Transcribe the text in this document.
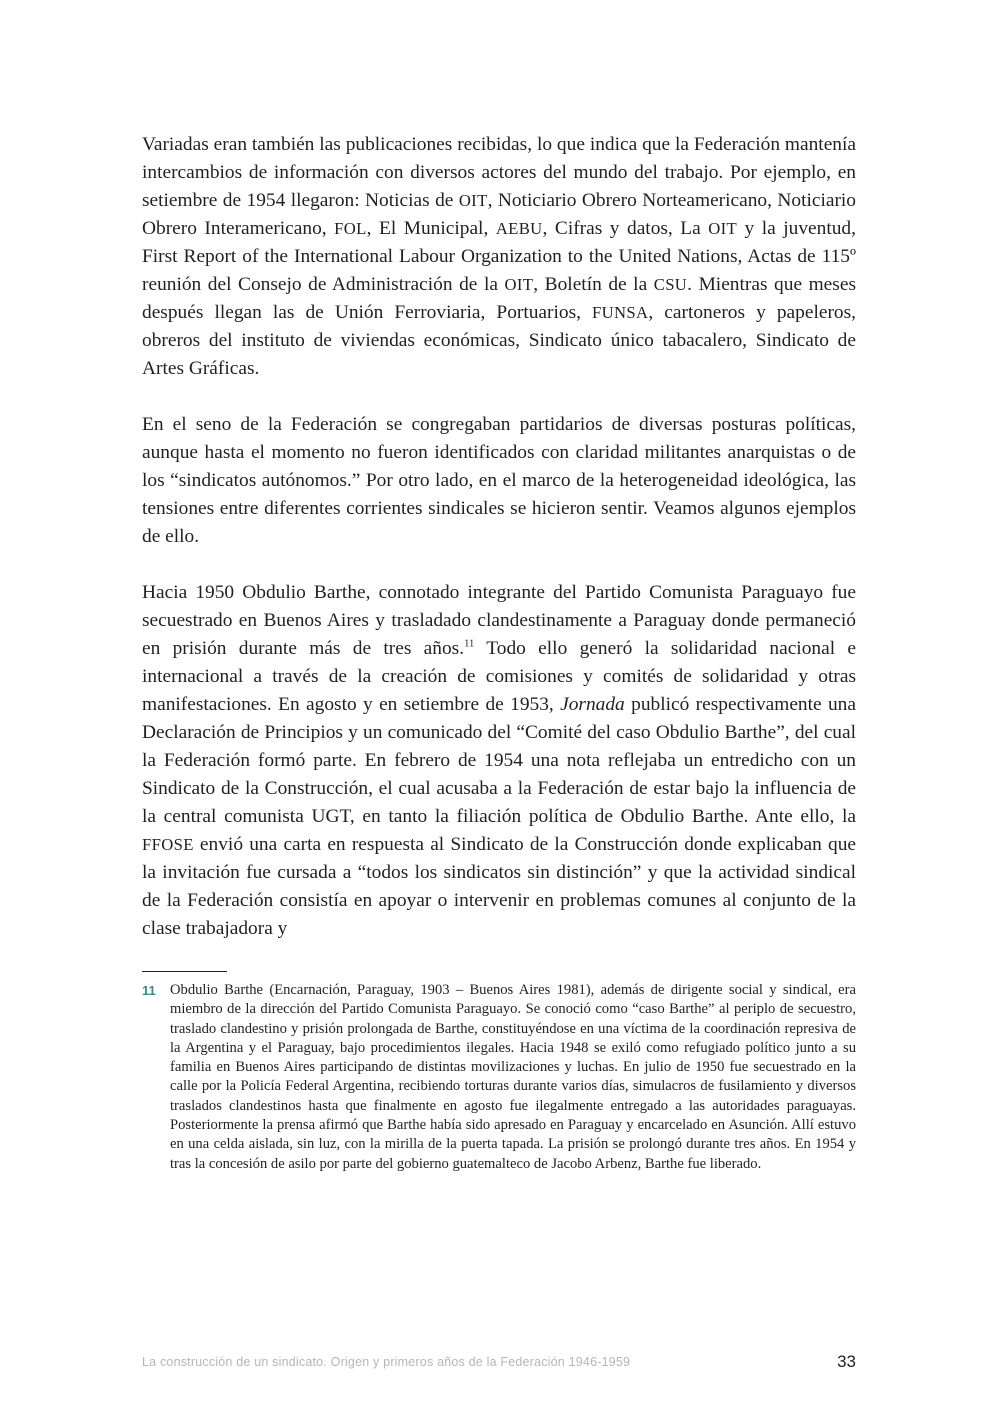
Variadas eran también las publicaciones recibidas, lo que indica que la Federación mantenía intercambios de información con diversos actores del mundo del trabajo. Por ejemplo, en setiembre de 1954 llegaron: Noticias de OIT, Noticiario Obrero Norteamericano, Noticiario Obrero Interamericano, FOL, El Municipal, AEBU, Cifras y datos, La OIT y la juventud, First Report of the International Labour Organization to the United Nations, Actas de 115º reunión del Consejo de Administración de la OIT, Boletín de la CSU. Mientras que meses después llegan las de Unión Ferroviaria, Portuarios, FUNSA, cartoneros y papeleros, obreros del instituto de viviendas económicas, Sindicato único tabacalero, Sindicato de Artes Gráficas.

En el seno de la Federación se congregaban partidarios de diversas posturas políticas, aunque hasta el momento no fueron identificados con claridad militantes anarquistas o de los “sindicatos autónomos.” Por otro lado, en el marco de la heterogeneidad ideológica, las tensiones entre diferentes corrientes sindicales se hicieron sentir. Veamos algunos ejemplos de ello.

Hacia 1950 Obdulio Barthe, connotado integrante del Partido Comunista Paraguayo fue secuestrado en Buenos Aires y trasladado clandestinamente a Paraguay donde permaneció en prisión durante más de tres años.$^{11}$ Todo ello generó la solidaridad nacional e internacional a través de la creación de comisiones y comités de solidaridad y otras manifestaciones. En agosto y en setiembre de 1953, Jornada publicó respectivamente una Declaración de Principios y un comunicado del “Comité del caso Obdulio Barthe”, del cual la Federación formó parte. En febrero de 1954 una nota reflejaba un entredicho con un Sindicato de la Construcción, el cual acusaba a la Federación de estar bajo la influencia de la central comunista UGT, en tanto la filiación política de Obdulio Barthe. Ante ello, la FFOSE envió una carta en respuesta al Sindicato de la Construcción donde explicaban que la invitación fue cursada a “todos los sindicatos sin distinción” y que la actividad sindical de la Federación consistía en apoyar o intervenir en problemas comunes al conjunto de la clase trabajadora y

11 Obdulio Barthe (Encarnación, Paraguay, 1903 – Buenos Aires 1981), además de dirigente social y sindical, era miembro de la dirección del Partido Comunista Paraguayo. Se conoció como “caso Barthe” al periplo de secuestro, traslado clandestino y prisión prolongada de Barthe, constituyéndose en una víctima de la coordinación represiva de la Argentina y el Paraguay, bajo procedimientos ilegales. Hacia 1948 se exiló como refugiado político junto a su familia en Buenos Aires participando de distintas movilizaciones y luchas. En julio de 1950 fue secuestrado en la calle por la Policía Federal Argentina, recibiendo torturas durante varios días, simulacros de fusilamiento y diversos traslados clandestinos hasta que finalmente en agosto fue ilegalmente entregado a las autoridades paraguayas. Posteriormente la prensa afirmó que Barthe había sido apresado en Paraguay y encarcelado en Asunción. Allí estuvo en una celda aislada, sin luz, con la mirilla de la puerta tapada. La prisión se prolongó durante tres años. En 1954 y tras la concesión de asilo por parte del gobierno guatemalteco de Jacobo Arbenz, Barthe fue liberado.
La construcción de un sindicato. Origen y primeros años de la Federación 1946-1959	33
